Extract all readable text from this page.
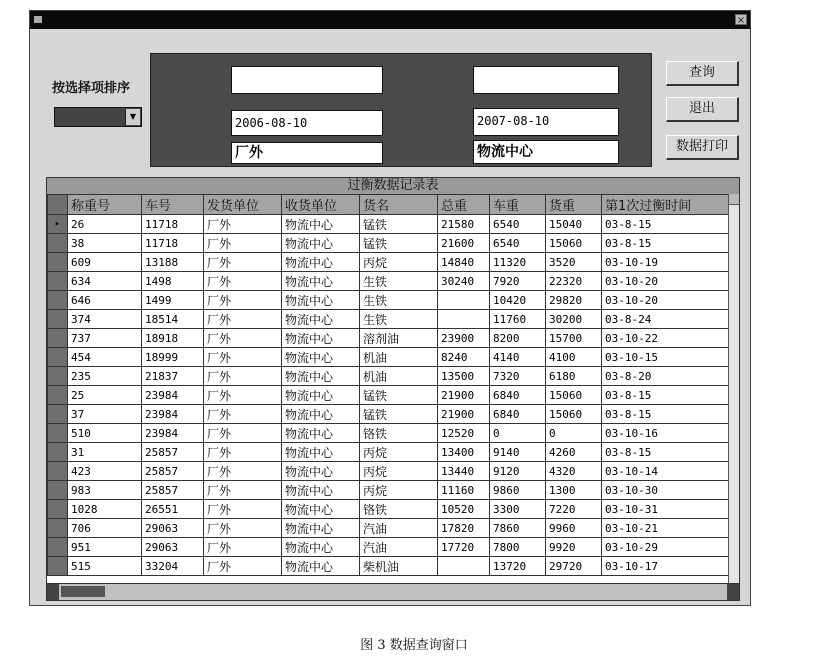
×
按选择项排序
▼	2006-08-10	2007-08-10
厂外	物流中心
查询
退出
数据打印
过衡数据记录表
	称重号	车号	发货单位	收货单位	货名	总重	车重	货重	第1次过衡时间
▸	26	11718	厂外	物流中心	锰铁	21580	6540	15040	03-8-15
	38	11718	厂外	物流中心	锰铁	21600	6540	15060	03-8-15
	609	13188	厂外	物流中心	丙烷	14840	11320	3520	03-10-19
	634	1498	厂外	物流中心	生铁	30240	7920	22320	03-10-20
	646	1499	厂外	物流中心	生铁		10420	29820	03-10-20
	374	18514	厂外	物流中心	生铁		11760	30200	03-8-24
	737	18918	厂外	物流中心	溶剂油	23900	8200	15700	03-10-22
	454	18999	厂外	物流中心	机油	8240	4140	4100	03-10-15
	235	21837	厂外	物流中心	机油	13500	7320	6180	03-8-20
	25	23984	厂外	物流中心	锰铁	21900	6840	15060	03-8-15
	37	23984	厂外	物流中心	锰铁	21900	6840	15060	03-8-15
	510	23984	厂外	物流中心	铬铁	12520	0	0	03-10-16
	31	25857	厂外	物流中心	丙烷	13400	9140	4260	03-8-15
	423	25857	厂外	物流中心	丙烷	13440	9120	4320	03-10-14
	983	25857	厂外	物流中心	丙烷	11160	9860	1300	03-10-30
	1028	26551	厂外	物流中心	铬铁	10520	3300	7220	03-10-31
	706	29063	厂外	物流中心	汽油	17820	7860	9960	03-10-21
	951	29063	厂外	物流中心	汽油	17720	7800	9920	03-10-29
	515	33204	厂外	物流中心	柴机油		13720	29720	03-10-17
图 3 数据查询窗口
